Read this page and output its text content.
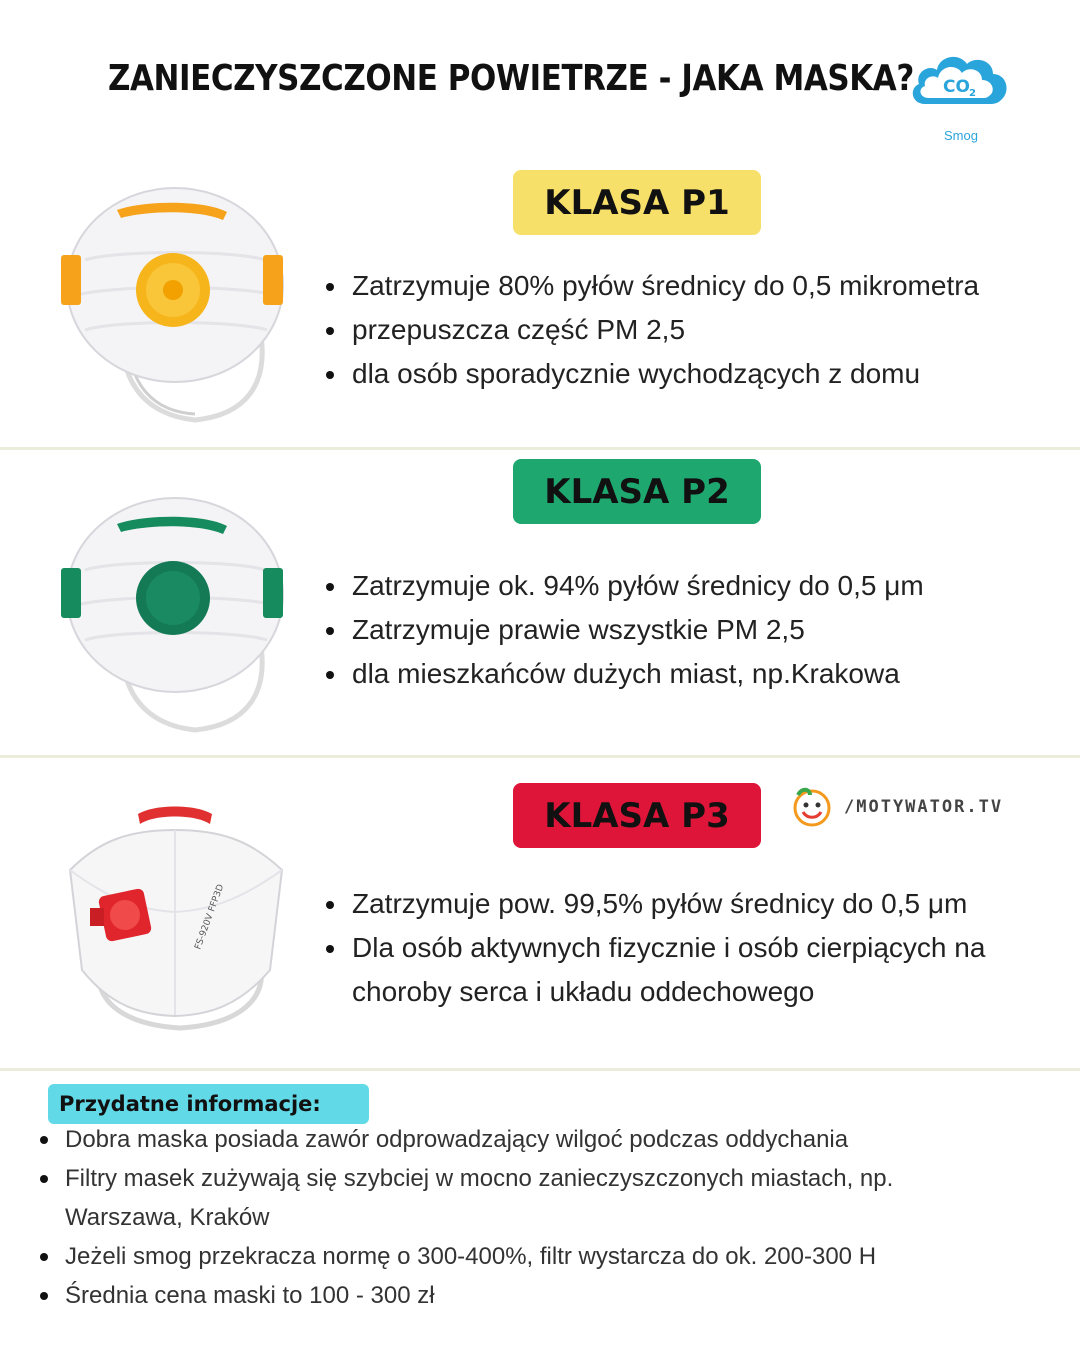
ZANIECZYSZCZONE POWIETRZE - JAKA MASKA? CO 2
Smog
KLASA P1
Zatrzymuje 80% pyłów średnicy do 0,5 mikrometra
przepuszcza część PM 2,5
dla osób sporadycznie wychodzących z domu
KLASA P2
Zatrzymuje ok. 94% pyłów średnicy do 0,5 μm
Zatrzymuje prawie wszystkie PM 2,5
dla mieszkańców dużych miast, np.Krakowa
KLASA P3	/MOTYWATOR.TV
FS-920V FFP3D	Zatrzymuje pow. 99,5% pyłów średnicy do 0,5 μm
Dla osób aktywnych fizycznie i osób cierpiących na choroby serca i układu oddechowego
Przydatne informacje:
Dobra maska posiada zawór odprowadzający wilgoć podczas oddychania
Filtry masek zużywają się szybciej w mocno zanieczyszczonych miastach, np. Warszawa, Kraków
Jeżeli smog przekracza normę o 300-400%, filtr wystarcza do ok. 200-300 H
Średnia cena maski to 100 - 300 zł
